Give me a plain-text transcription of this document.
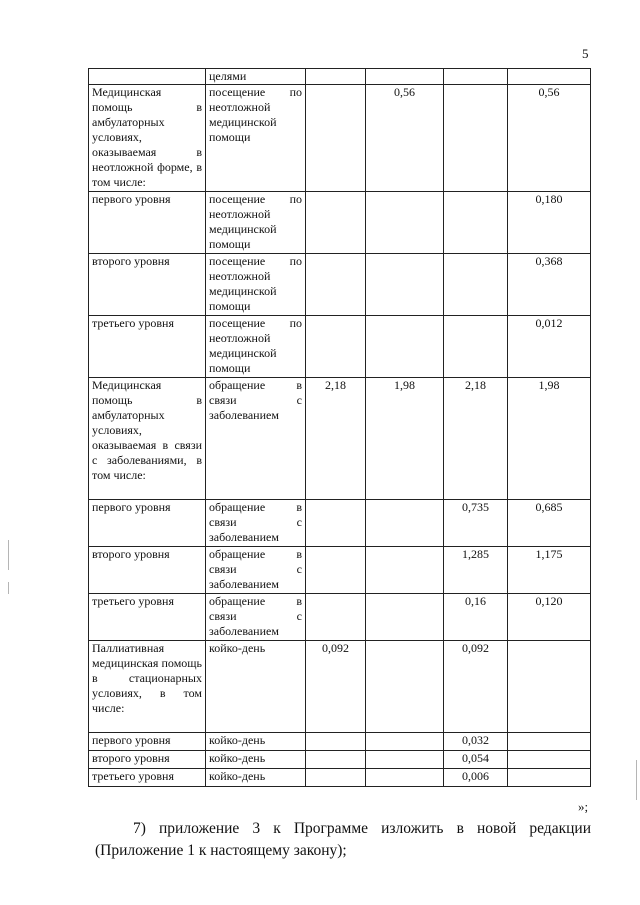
5
	целями				
Медицинская помощь в амбулаторных условиях, оказываемая в неотложной форме, в том числе:	посещение по неотложной медицинской помощи		0,56		0,56
первого уровня	посещение по неотложной медицинской помощи				0,180
второго уровня	посещение по неотложной медицинской помощи				0,368
третьего уровня	посещение по неотложной медицинской помощи				0,012
Медицинская помощь в амбулаторных условиях, оказываемая в связи с заболеваниями, в том числе:	обращение в связи с заболеванием	2,18	1,98	2,18	1,98
первого уровня	обращение в связи с заболеванием			0,735	0,685
второго уровня	обращение в связи с заболеванием			1,285	1,175
третьего уровня	обращение в связи с заболеванием			0,16	0,120
Паллиативная медицинская помощь в стационарных условиях, в том числе:	койко-день	0,092		0,092	
первого уровня	койко-день			0,032	
второго уровня	койко-день			0,054	
третьего уровня	койко-день			0,006	
»;
7) приложение 3 к Программе изложить в новой редакции
(Приложение 1 к настоящему закону);
